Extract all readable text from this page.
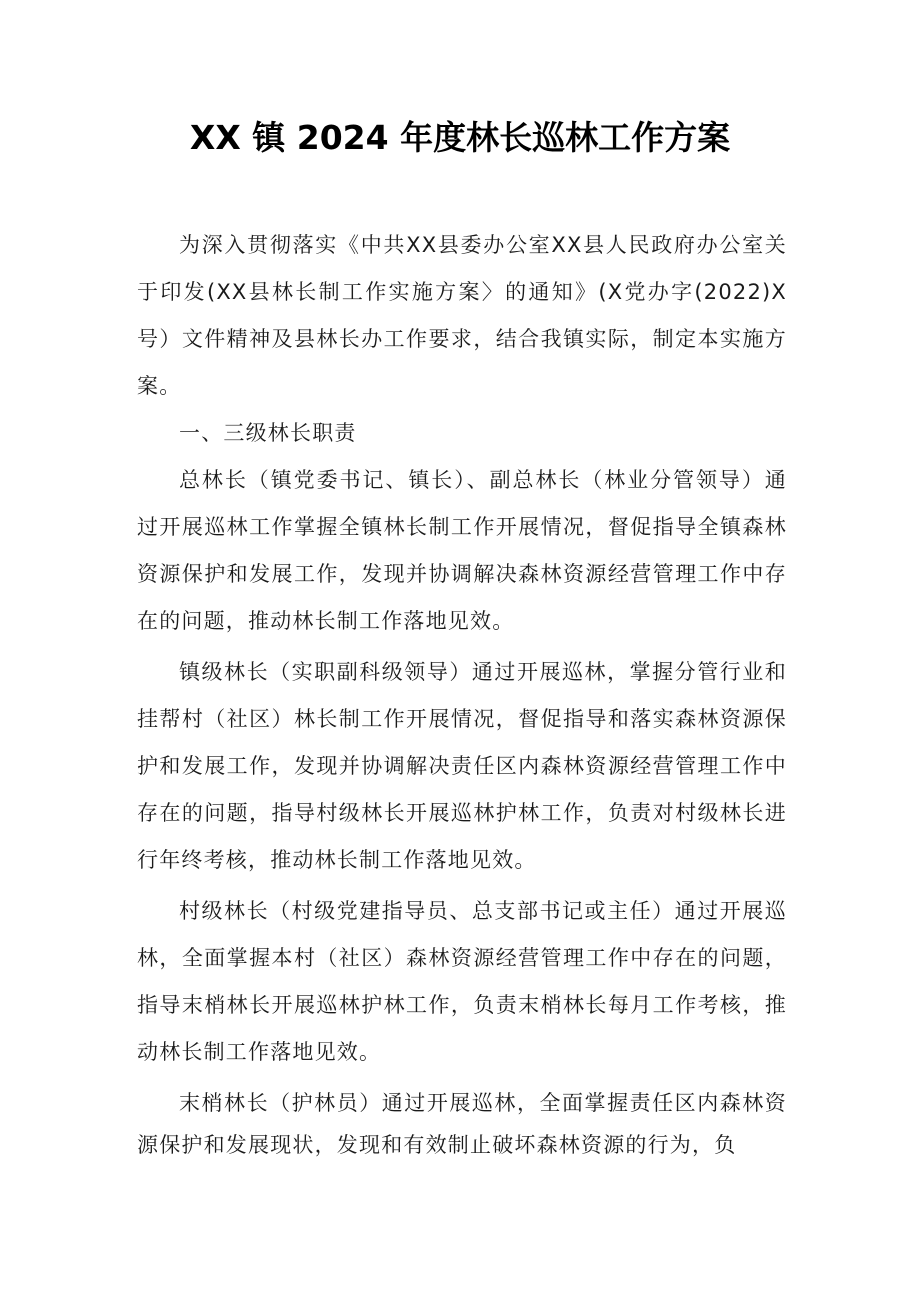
XX 镇 2024 年度林长巡林工作方案

为深入贯彻落实《中共XX县委办公室XX县人民政府办公室关于印发(XX县林长制工作实施方案〉的通知》(X党办字(2022)X号）文件精神及县林长办工作要求，结合我镇实际，制定本实施方案。

一、三级林长职责

总林长（镇党委书记、镇长）、副总林长（林业分管领导）通过开展巡林工作掌握全镇林长制工作开展情况，督促指导全镇森林资源保护和发展工作，发现并协调解决森林资源经营管理工作中存在的问题，推动林长制工作落地见效。

镇级林长（实职副科级领导）通过开展巡林，掌握分管行业和挂帮村（社区）林长制工作开展情况，督促指导和落实森林资源保护和发展工作，发现并协调解决责任区内森林资源经营管理工作中存在的问题，指导村级林长开展巡林护林工作，负责对村级林长进行年终考核，推动林长制工作落地见效。

村级林长（村级党建指导员、总支部书记或主任）通过开展巡林，全面掌握本村（社区）森林资源经营管理工作中存在的问题，指导末梢林长开展巡林护林工作，负责末梢林长每月工作考核，推动林长制工作落地见效。

末梢林长（护林员）通过开展巡林，全面掌握责任区内森林资源保护和发展现状，发现和有效制止破坏森林资源的行为，负
